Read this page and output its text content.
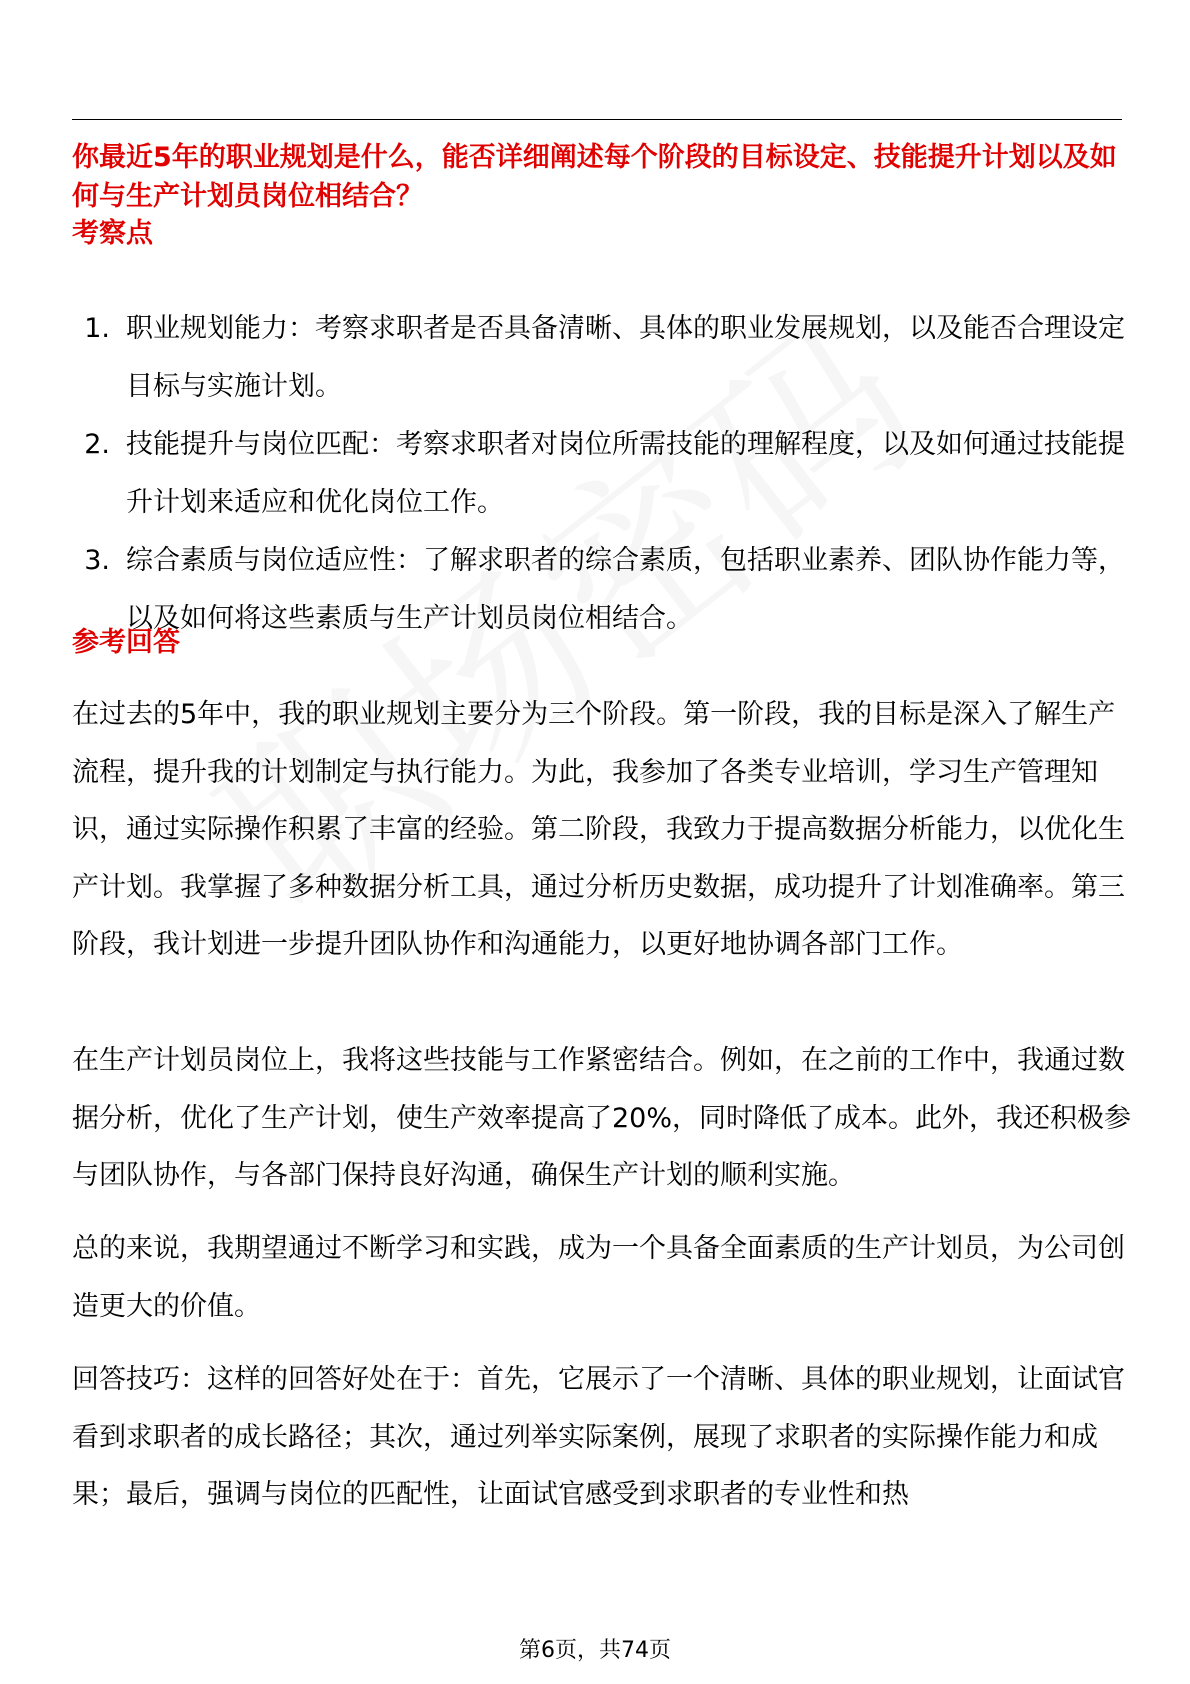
你最近5年的职业规划是什么，能否详细阐述每个阶段的目标设定、技能提升计划以及如何与生产计划员岗位相结合？

考察点
1. 职业规划能力：考察求职者是否具备清晰、具体的职业发展规划，以及能否合理设定目标与实施计划。
2. 技能提升与岗位匹配：考察求职者对岗位所需技能的理解程度，以及如何通过技能提升计划来适应和优化岗位工作。
3. 综合素质与岗位适应性：了解求职者的综合素质，包括职业素养、团队协作能力等，以及如何将这些素质与生产计划员岗位相结合。
参考回答

在过去的5年中，我的职业规划主要分为三个阶段。第一阶段，我的目标是深入了解生产流程，提升我的计划制定与执行能力。为此，我参加了各类专业培训，学习生产管理知识，通过实际操作积累了丰富的经验。第二阶段，我致力于提高数据分析能力，以优化生产计划。我掌握了多种数据分析工具，通过分析历史数据，成功提升了计划准确率。第三阶段，我计划进一步提升团队协作和沟通能力，以更好地协调各部门工作。

在生产计划员岗位上，我将这些技能与工作紧密结合。例如，在之前的工作中，我通过数据分析，优化了生产计划，使生产效率提高了20%，同时降低了成本。此外，我还积极参与团队协作，与各部门保持良好沟通，确保生产计划的顺利实施。

总的来说，我期望通过不断学习和实践，成为一个具备全面素质的生产计划员，为公司创造更大的价值。

回答技巧：这样的回答好处在于：首先，它展示了一个清晰、具体的职业规划，让面试官看到求职者的成长路径；其次，通过列举实际案例，展现了求职者的实际操作能力和成果；最后，强调与岗位的匹配性，让面试官感受到求职者的专业性和热

第6页，共74页
